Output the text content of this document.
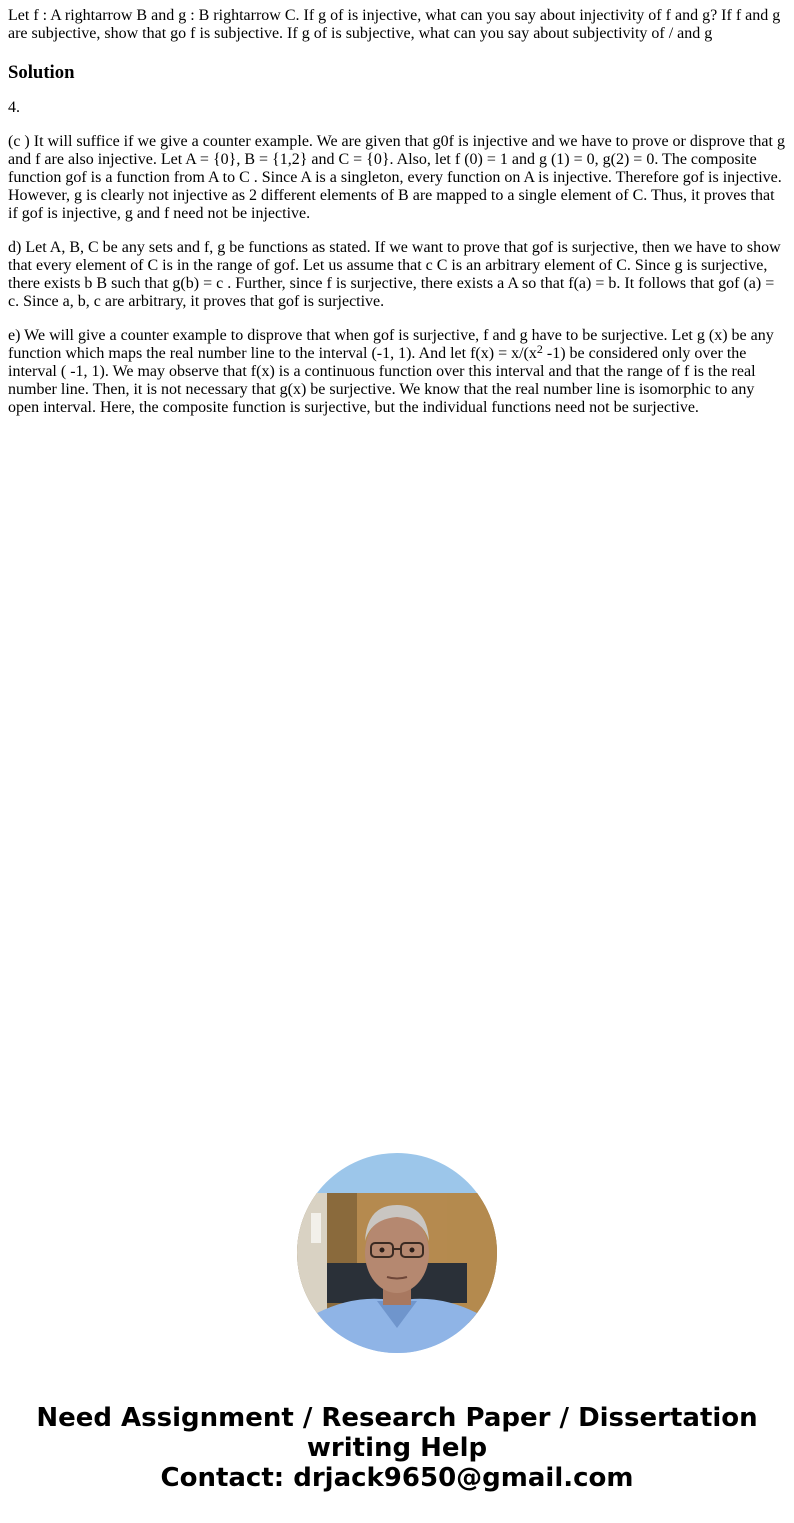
Let f : A rightarrow B and g : B rightarrow C. If g of is injective, what can you say about injectivity of f and g? If f and g are subjective, show that go f is subjective. If g of is subjective, what can you say about subjectivity of / and g

Solution

4.

(c ) It will suffice if we give a counter example. We are given that g0f is injective and we have to prove or disprove that g and f are also injective. Let A = {0}, B = {1,2} and C = {0}. Also, let f (0) = 1 and g (1) = 0, g(2) = 0. The composite function gof is a function from A to C . Since A is a singleton, every function on A is injective. Therefore gof is injective. However, g is clearly not injective as 2 different elements of B are mapped to a single element of C. Thus, it proves that if gof is injective, g and f need not be injective.

d) Let A, B, C be any sets and f, g be functions as stated. If we want to prove that gof is surjective, then we have to show that every element of C is in the range of gof. Let us assume that c C is an arbitrary element of C. Since g is surjective, there exists b B such that g(b) = c . Further, since f is surjective, there exists a A so that f(a) = b. It follows that gof (a) = c. Since a, b, c are arbitrary, it proves that gof is surjective.

e) We will give a counter example to disprove that when gof is surjective, f and g have to be surjective. Let g (x) be any function which maps the real number line to the interval (-1, 1). And let $f(x) = x/(x^2$ -1) be considered only over the interval ( -1, 1). We may observe that f(x) is a continuous function over this interval and that the range of f is the real number line. Then, it is not necessary that g(x) be surjective. We know that the real number line is isomorphic to any open interval. Here, the composite function is surjective, but the individual functions need not be surjective.

Need Assignment / Research Paper / Dissertation
writing Help
Contact: drjack9650@gmail.com
